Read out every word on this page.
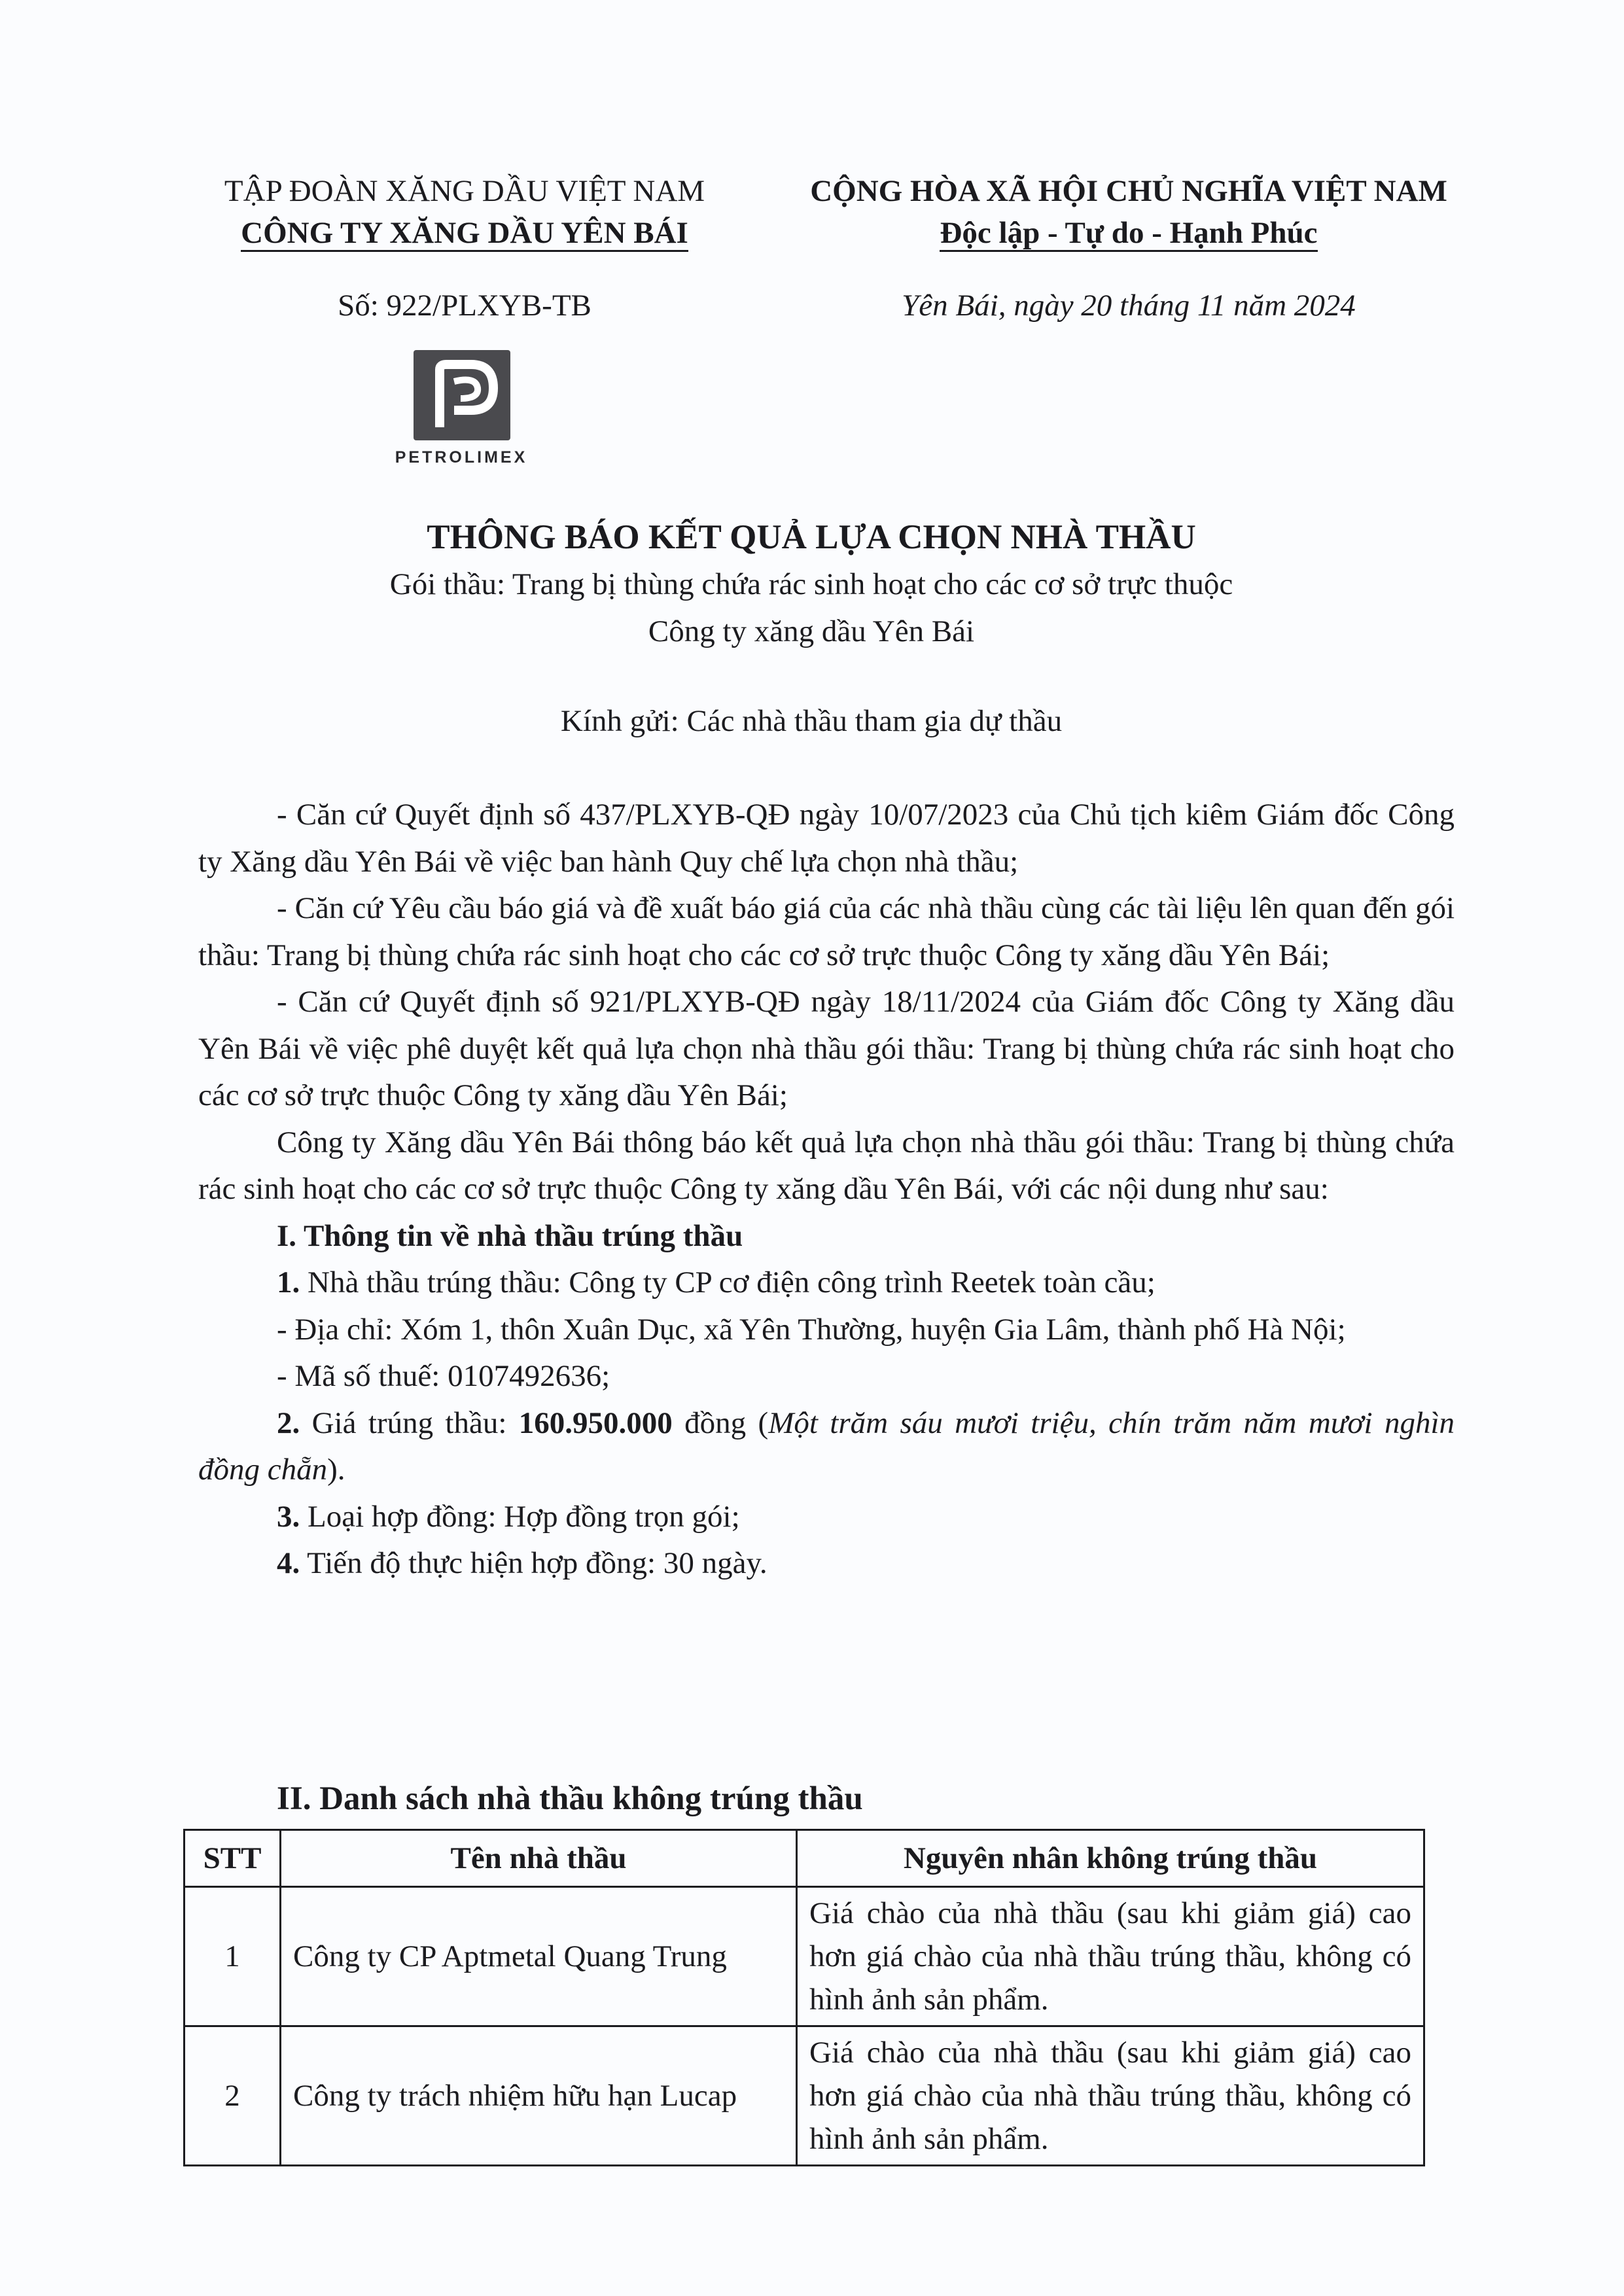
TẬP ĐOÀN XĂNG DẦU VIỆT NAM
CÔNG TY XĂNG DẦU YÊN BÁI
CỘNG HÒA XÃ HỘI CHỦ NGHĨA VIỆT NAM
Độc lập - Tự do - Hạnh Phúc
Số: 922/PLXYB-TB	Yên Bái, ngày 20 tháng 11 năm 2024
PETROLIMEX
THÔNG BÁO KẾT QUẢ LỰA CHỌN NHÀ THẦU
Gói thầu: Trang bị thùng chứa rác sinh hoạt cho các cơ sở trực thuộc
Công ty xăng dầu Yên Bái
Kính gửi: Các nhà thầu tham gia dự thầu

- Căn cứ Quyết định số 437/PLXYB-QĐ ngày 10/07/2023 của Chủ tịch kiêm Giám đốc Công ty Xăng dầu Yên Bái về việc ban hành Quy chế lựa chọn nhà thầu;

- Căn cứ Yêu cầu báo giá và đề xuất báo giá của các nhà thầu cùng các tài liệu lên quan đến gói thầu: Trang bị thùng chứa rác sinh hoạt cho các cơ sở trực thuộc Công ty xăng dầu Yên Bái;

- Căn cứ Quyết định số 921/PLXYB-QĐ ngày 18/11/2024 của Giám đốc Công ty Xăng dầu Yên Bái về việc phê duyệt kết quả lựa chọn nhà thầu gói thầu: Trang bị thùng chứa rác sinh hoạt cho các cơ sở trực thuộc Công ty xăng dầu Yên Bái;

Công ty Xăng dầu Yên Bái thông báo kết quả lựa chọn nhà thầu gói thầu: Trang bị thùng chứa rác sinh hoạt cho các cơ sở trực thuộc Công ty xăng dầu Yên Bái, với các nội dung như sau:

I. Thông tin về nhà thầu trúng thầu

1. Nhà thầu trúng thầu: Công ty CP cơ điện công trình Reetek toàn cầu;

- Địa chỉ: Xóm 1, thôn Xuân Dục, xã Yên Thường, huyện Gia Lâm, thành phố Hà Nội;

- Mã số thuế: 0107492636;

2. Giá trúng thầu: 160.950.000 đồng (Một trăm sáu mươi triệu, chín trăm năm mươi nghìn đồng chẵn).

3. Loại hợp đồng: Hợp đồng trọn gói;

4. Tiến độ thực hiện hợp đồng: 30 ngày.

II. Danh sách nhà thầu không trúng thầu
STT	Tên nhà thầu	Nguyên nhân không trúng thầu
1	Công ty CP Aptmetal Quang Trung	Giá chào của nhà thầu (sau khi giảm giá) cao hơn giá chào của nhà thầu trúng thầu, không có hình ảnh sản phẩm.
2	Công ty trách nhiệm hữu hạn Lucap	Giá chào của nhà thầu (sau khi giảm giá) cao hơn giá chào của nhà thầu trúng thầu, không có hình ảnh sản phẩm.
